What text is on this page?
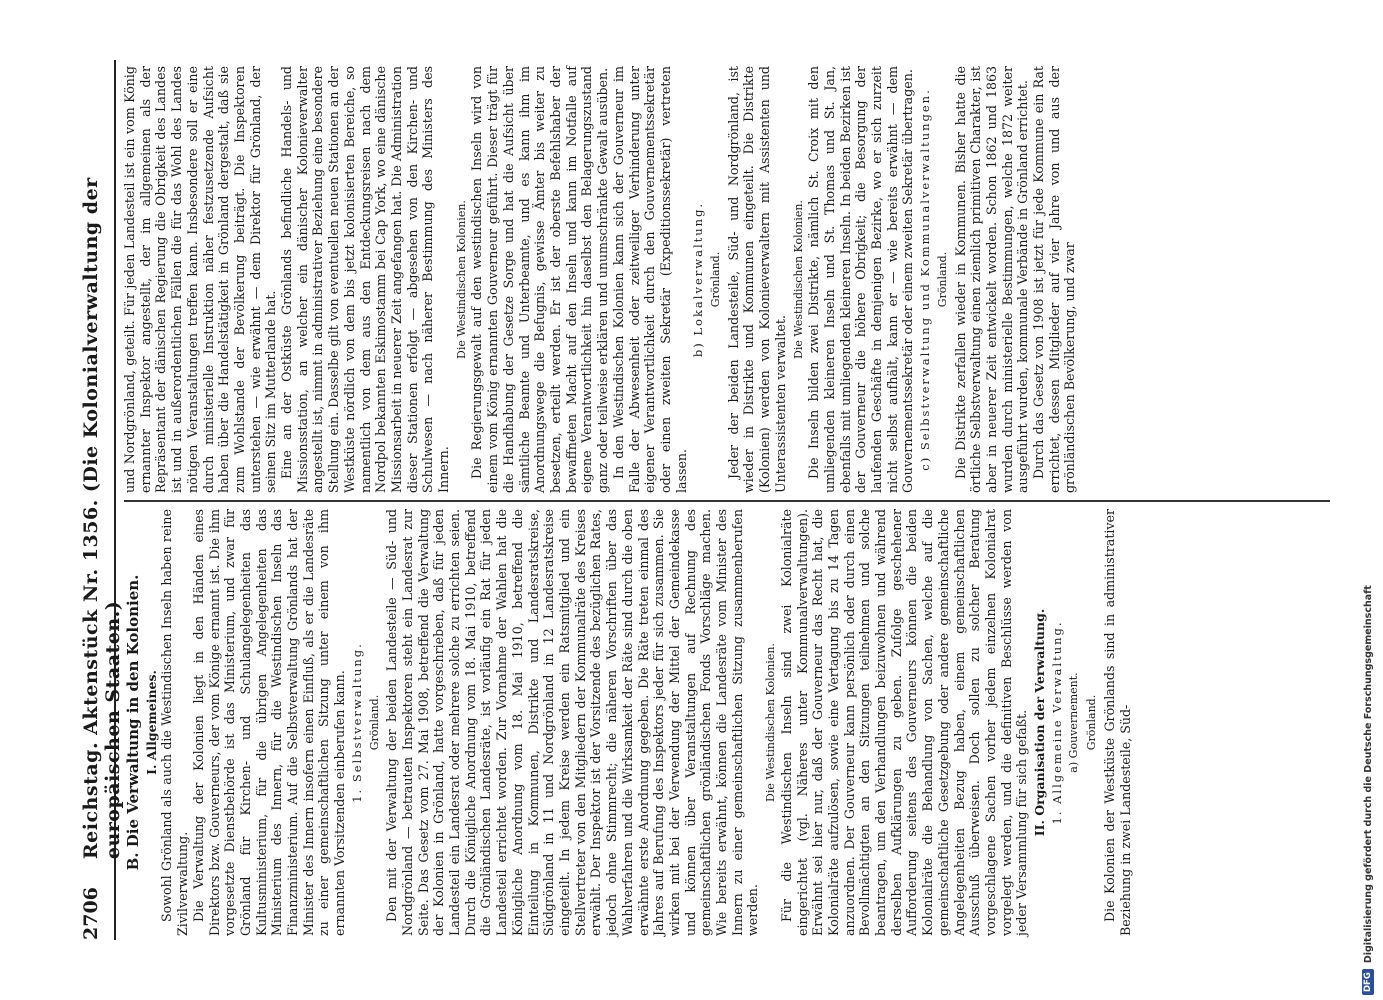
2706
Reichstag. Aktenstück Nr. 1356. (Die Kolonialverwaltung der europäischen Staaten.) B. Die Verwaltung in den Kolonien. I. Allgemeines. Sowohl Grönland als auch die Westindischen Inseln haben reine Zivilverwaltung. Die Verwaltung der Kolonien liegt in den Händen eines Direktors bzw. Gouverneurs, der vom Könige ernannt ist. Die ihm vorgesetzte Dienstbehörde ist das Ministerium, und zwar für Grönland für Kirchen- und Schulangelegenheiten das Kultusministerium, für die übrigen Angelegenheiten das Ministerium des Innern, für die Westindischen Inseln das Finanzministerium. Auf die Selbstverwaltung Grönlands hat der Minister des Innern insofern einen Einfluß, als er die Landesräte zu einer gemeinschaftlichen Sitzung unter einem von ihm ernannten Vorsitzenden einberufen kann. 1. Selbstverwaltung. Grönland. Den mit der Verwaltung der beiden Landesteile — Süd- und Nordgrönland — betrauten Inspektoren steht ein Landesrat zur Seite. Das Gesetz vom 27. Mai 1908, betreffend die Verwaltung der Kolonien in Grönland, hatte vorgeschrieben, daß für jeden Landesteil ein Landesrat oder mehrere solche zu errichten seien. Durch die Königliche Anordnung vom 18. Mai 1910, betreffend die Grönländischen Landesräte, ist vorläufig ein Rat für jeden Landesteil errichtet worden. Zur Vornahme der Wahlen hat die Königliche Anordnung vom 18. Mai 1910, betreffend die Einteilung in Kommunen, Distrikte und Landesratskreise, Südgrönland in 11 und Nordgrönland in 12 Landesratskreise eingeteilt. In jedem Kreise werden ein Ratsmitglied und ein Stellvertreter von den Mitgliedern der Kommunalräte des Kreises erwählt. Der Inspektor ist der Vorsitzende des bezüglichen Rates, jedoch ohne Stimmrecht; die näheren Vorschriften über das Wahlverfahren und die Wirksamkeit der Räte sind durch die oben erwähnte erste Anordnung gegeben. Die Räte treten einmal des Jahres auf Berufung des Inspektors jeder für sich zusammen. Sie wirken mit bei der Verwendung der Mittel der Gemeindekasse und können über Veranstaltungen auf Rechnung des gemeinschaftlichen grönländischen Fonds Vorschläge machen. Wie bereits erwähnt, können die Landesräte vom Minister des Innern zu einer gemeinschaftlichen Sitzung zusammenberufen werden.

Die Westindischen Kolonien. Für die Westindischen Inseln sind zwei Kolonialräte eingerichtet (vgl. Näheres unter Kommunalverwaltungen). Erwähnt sei hier nur, daß der Gouverneur das Recht hat, die Kolonialräte aufzulösen, sowie eine Vertagung bis zu 14 Tagen anzuordnen. Der Gouverneur kann persönlich oder durch einen Bevollmächtigten an den Sitzungen teilnehmen und solche beantragen, um den Verhandlungen beizuwohnen und während derselben Aufklärungen zu geben. Zufolge geschehener Aufforderung seitens des Gouverneurs können die beiden Kolonialräte die Behandlung von Sachen, welche auf die gemeinschaftliche Gesetzgebung oder andere gemeinschaftliche Angelegenheiten Bezug haben, einem gemeinschaftlichen Ausschuß überweisen. Doch sollen zu solcher Beratung vorgeschlagene Sachen vorher jedem einzelnen Kolonialrat vorgelegt werden, und die definitiven Beschlüsse werden von jeder Versammlung für sich gefaßt. II. Organisation der Verwaltung. 1. Allgemeine Verwaltung. a) Gouvernement. Grönland. Die Kolonien der Westküste Grönlands sind in administrativer Beziehung in zwei Landesteile, Süd-

und Nordgrönland, geteilt. Für jeden Landesteil ist ein vom König ernannter Inspektor angestellt, der im allgemeinen als der Repräsentant der dänischen Regierung die Obrigkeit des Landes ist und in außerordentlichen Fällen die für das Wohl des Landes nötigen Veranstaltungen treffen kann. Insbesondere soll er eine durch ministerielle Instruktion näher festzusetzende Aufsicht haben über die Handelstätigkeit in Grönland dergestalt, daß sie zum Wohlstande der Bevölkerung beiträgt. Die Inspektoren unterstehen — wie erwähnt — dem Direktor für Grönland, der seinen Sitz im Mutterlande hat. Eine an der Ostküste Grönlands befindliche Handels- und Missionsstation, an welcher ein dänischer Kolonieverwalter angestellt ist, nimmt in administrativer Beziehung eine besondere Stellung ein. Dasselbe gilt von eventuellen neuen Stationen an der Westküste nördlich von dem bis jetzt kolonisierten Bereiche, so namentlich von dem aus den Entdeckungsreisen nach dem Nordpol bekannten Eskimostamm bei Cap York, wo eine dänische Missionsarbeit in neuerer Zeit angefangen hat. Die Administration dieser Stationen erfolgt — abgesehen von den Kirchen- und Schulwesen — nach näherer Bestimmung des Ministers des Innern.

Die Westindischen Kolonien. Die Regierungsgewalt auf den westindischen Inseln wird von einem vom König ernannten Gouverneur geführt. Dieser trägt für die Handhabung der Gesetze Sorge und hat die Aufsicht über sämtliche Beamte und Unterbeamte, und es kann ihm im Anordnungswege die Befugnis, gewisse Ämter bis weiter zu besetzen, erteilt werden. Er ist der oberste Befehlshaber der bewaffneten Macht auf den Inseln und kann im Notfalle auf eigene Verantwortlichkeit hin daselbst den Belagerungszustand ganz oder teilweise erklären und unumschränkte Gewalt ausüben. In den Westindischen Kolonien kann sich der Gouverneur im Falle der Abwesenheit oder zeitweiliger Verhinderung unter eigener Verantwortlichkeit durch den Gouvernementssekretär oder einen zweiten Sekretär (Expeditionssekretär) vertreten lassen.

b) Lokalverwaltung. Grönland. Jeder der beiden Landesteile, Süd- und Nordgrönland, ist wieder in Distrikte und Kommunen eingeteilt. Die Distrikte (Kolonien) werden von Kolonieverwaltern mit Assistenten und Unterassistenten verwaltet.

Die Westindischen Kolonien. Die Inseln bilden zwei Distrikte, nämlich St. Croix mit den umliegenden kleineren Inseln und St. Thomas und St. Jan, ebenfalls mit umliegenden kleineren Inseln. In beiden Bezirken ist der Gouverneur die höhere Obrigkeit; die Besorgung der laufenden Geschäfte in demjenigen Bezirke, wo er sich zurzeit nicht selbst aufhält, kann er — wie bereits erwähnt — dem Gouvernementssekretär oder einem zweiten Sekretär übertragen. c) Selbstverwaltung und Kommunalverwaltungen. Grönland. Die Distrikte zerfallen wieder in Kommunen. Bisher hatte die örtliche Selbstverwaltung einen ziemlich primitiven Charakter, ist aber in neuerer Zeit entwickelt worden. Schon 1862 und 1863 wurden durch ministerielle Bestimmungen, welche 1872 weiter ausgeführt wurden, kommunale Verbände in Grönland errichtet. Durch das Gesetz von 1908 ist jetzt für jede Kommune ein Rat errichtet, dessen Mitglieder auf vier Jahre von und aus der grönländischen Bevölkerung, und zwar

DFG
Digitalisierung gefördert durch die Deutsche Forschungsgemeinschaft
